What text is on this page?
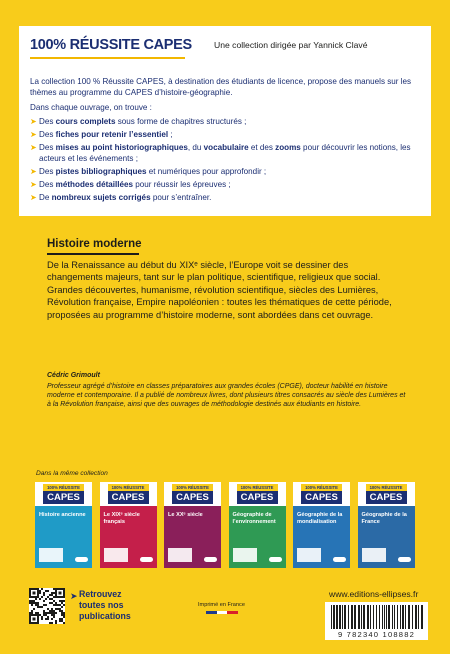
100% RÉUSSITE CAPES	Une collection dirigée par Yannick Clavé
La collection 100 % Réussite CAPES, à destination des étudiants de licence, propose des manuels sur les thèmes au programme du CAPES d’histoire-géographie.
Dans chaque ouvrage, on trouve :
➤ Des cours complets sous forme de chapitres structurés ;
➤ Des fiches pour retenir l’essentiel ;
➤ Des mises au point historiographiques, du vocabulaire et des zooms pour découvrir les notions, les acteurs et les événements ;
➤ Des pistes bibliographiques et numériques pour approfondir ;
➤ Des méthodes détaillées pour réussir les épreuves ;
➤ De nombreux sujets corrigés pour s’entraîner.
Histoire moderne
De la Renaissance au début du XIXᵉ siècle, l’Europe voit se dessiner des changements majeurs, tant sur le plan politique, scientifique, religieux que social. Grandes découvertes, humanisme, révolution scientifique, siècles des Lumières, Révolution française, Empire napoléonien : toutes les thématiques de cette période, proposées au programme d’histoire moderne, sont abordées dans cet ouvrage.
Cédric Grimoult
Professeur agrégé d’histoire en classes préparatoires aux grandes écoles (CPGE), docteur habilité en histoire moderne et contemporaine. Il a publié de nombreux livres, dont plusieurs titres consacrés au siècle des Lumières et à la Révolution française, ainsi que des ouvrages de méthodologie destinés aux étudiants en histoire.
Dans la même collection
100% RÉUSSITE
CAPES
Histoire ancienne
100% RÉUSSITE
CAPES
Le XIXᵉ siècle français
100% RÉUSSITE
CAPES
Le XXᵉ siècle
100% RÉUSSITE
CAPES
Géographie de l’environnement
100% RÉUSSITE
CAPES
Géographie de la mondialisation
100% RÉUSSITE
CAPES
Géographie de la France
➤ Retrouvez toutes nos publications
Imprimé en France
www.editions-ellipses.fr
9 782340 108882
